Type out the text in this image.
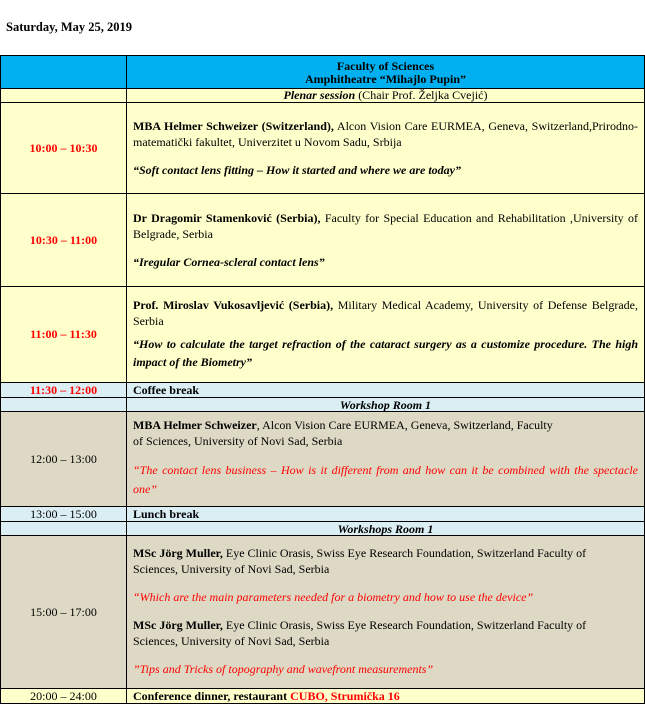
Saturday, May 25, 2019

	Faculty of Sciences
Amphitheatre “Mihajlo Pupin”

	Plenar session (Chair Prof. Željka Cvejić)
10:00 – 10:30	MBA Helmer Schweizer (Switzerland), Alcon Vision Care EURMEA, Geneva, Switzerland,Prirodno-matematički fakultet, Univerzitet u Novom Sadu, Srbija

“Soft contact lens fitting – How it started and where we are today”

10:30 – 11:00	Dr Dragomir Stamenković (Serbia), Faculty for Special Education and Rehabilitation ,University of Belgrade, Serbia

“Iregular Cornea-scleral contact lens”

11:00 – 11:30	Prof. Miroslav Vukosavljević (Serbia), Military Medical Academy, University of Defense Belgrade, Serbia

“How to calculate the target refraction of the cataract surgery as a customize procedure. The high impact of the Biometry”

11:30 – 12:00	Coffee break
	Workshop Room 1
12:00 – 13:00	MBA Helmer Schweizer, Alcon Vision Care EURMEA, Geneva, Switzerland, Faculty of Sciences, University of Novi Sad, Serbia

“The contact lens business – How is it different from and how can it be combined with the spectacle one”

13:00 – 15:00	Lunch break
	Workshops Room 1
15:00 – 17:00	MSc Jörg Muller, Eye Clinic Orasis, Swiss Eye Research Foundation, Switzerland Faculty of Sciences, University of Novi Sad, Serbia

“Which are the main parameters needed for a biometry and how to use the device”

MSc Jörg Muller, Eye Clinic Orasis, Swiss Eye Research Foundation, Switzerland Faculty of Sciences, University of Novi Sad, Serbia

”Tips and Tricks of topography and wavefront measurements”

20:00 – 24:00	Conference dinner, restaurant CUBO, Strumička 16
